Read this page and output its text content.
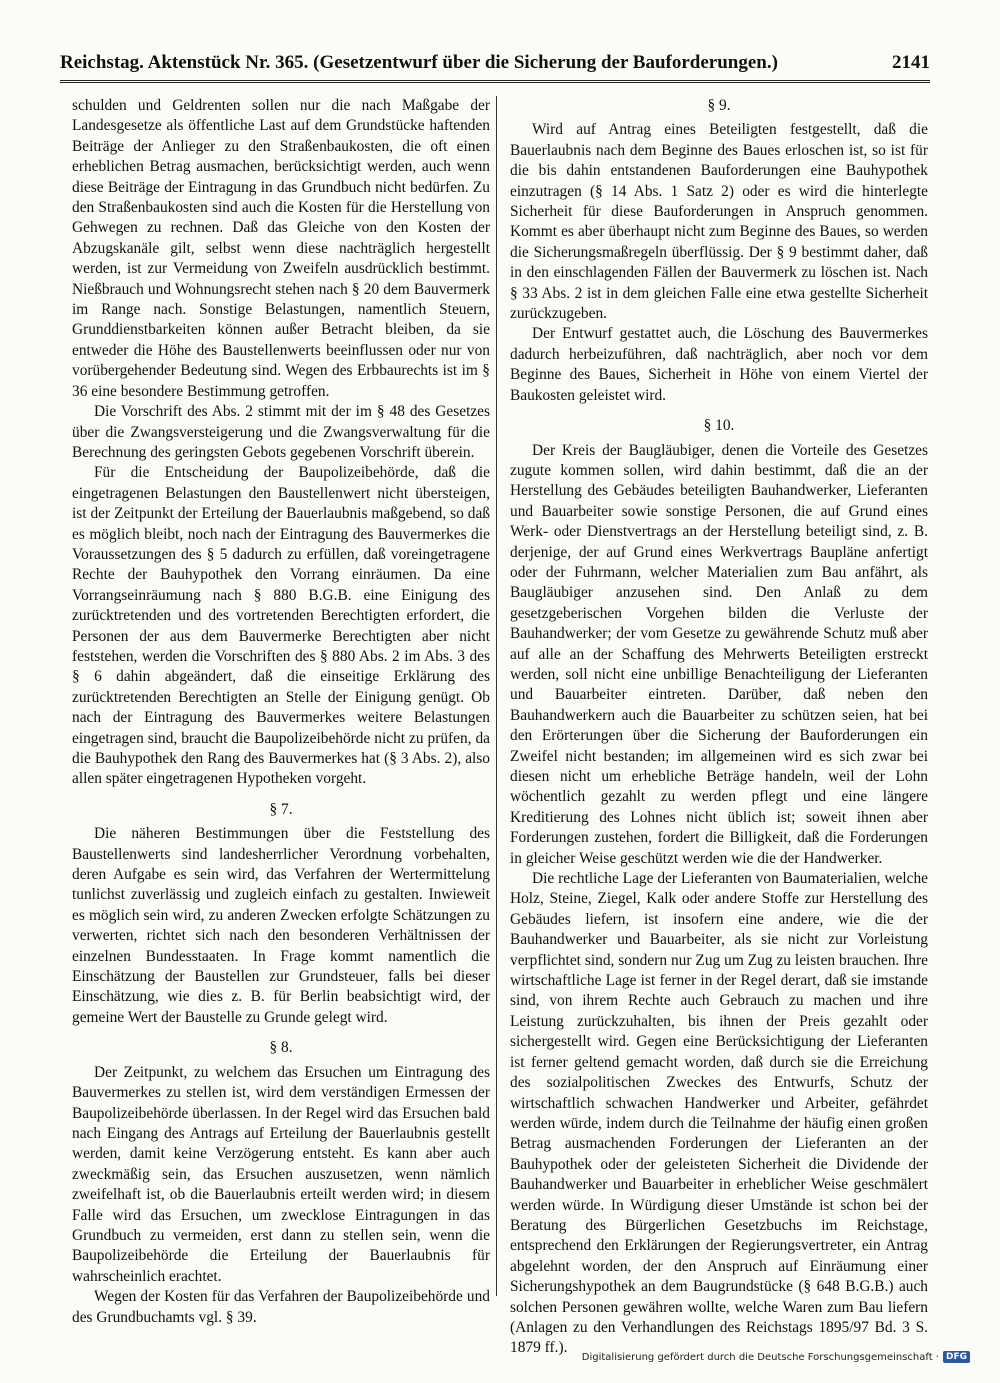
Reichstag. Aktenstück Nr. 365. (Gesetzentwurf über die Sicherung der Bauforderungen.)	2141

schulden und Geldrenten sollen nur die nach Maßgabe der Landesgesetze als öffentliche Last auf dem Grundstücke haftenden Beiträge der Anlieger zu den Straßenbaukosten, die oft einen erheblichen Betrag ausmachen, berücksichtigt werden, auch wenn diese Beiträge der Eintragung in das Grundbuch nicht bedürfen. Zu den Straßenbaukosten sind auch die Kosten für die Herstellung von Gehwegen zu rechnen. Daß das Gleiche von den Kosten der Abzugskanäle gilt, selbst wenn diese nachträglich hergestellt werden, ist zur Vermeidung von Zweifeln ausdrücklich bestimmt. Nießbrauch und Wohnungsrecht stehen nach § 20 dem Bauvermerk im Range nach. Sonstige Belastungen, namentlich Steuern, Grunddienstbarkeiten können außer Betracht bleiben, da sie entweder die Höhe des Baustellenwerts beeinflussen oder nur von vorübergehender Bedeutung sind. Wegen des Erbbaurechts ist im § 36 eine besondere Bestimmung getroffen.

Die Vorschrift des Abs. 2 stimmt mit der im § 48 des Gesetzes über die Zwangsversteigerung und die Zwangsverwaltung für die Berechnung des geringsten Gebots gegebenen Vorschrift überein.

Für die Entscheidung der Baupolizeibehörde, daß die eingetragenen Belastungen den Baustellenwert nicht übersteigen, ist der Zeitpunkt der Erteilung der Bauerlaubnis maßgebend, so daß es möglich bleibt, noch nach der Eintragung des Bauvermerkes die Voraussetzungen des § 5 dadurch zu erfüllen, daß voreingetragene Rechte der Bauhypothek den Vorrang einräumen. Da eine Vorrangseinräumung nach § 880 B.G.B. eine Einigung des zurücktretenden und des vortretenden Berechtigten erfordert, die Personen der aus dem Bauvermerke Berechtigten aber nicht feststehen, werden die Vorschriften des § 880 Abs. 2 im Abs. 3 des § 6 dahin abgeändert, daß die einseitige Erklärung des zurücktretenden Berechtigten an Stelle der Einigung genügt. Ob nach der Eintragung des Bauvermerkes weitere Belastungen eingetragen sind, braucht die Baupolizeibehörde nicht zu prüfen, da die Bauhypothek den Rang des Bauvermerkes hat (§ 3 Abs. 2), also allen später eingetragenen Hypotheken vorgeht.

§ 7.

Die näheren Bestimmungen über die Feststellung des Baustellenwerts sind landesherrlicher Verordnung vorbehalten, deren Aufgabe es sein wird, das Verfahren der Wertermittelung tunlichst zuverlässig und zugleich einfach zu gestalten. Inwieweit es möglich sein wird, zu anderen Zwecken erfolgte Schätzungen zu verwerten, richtet sich nach den besonderen Verhältnissen der einzelnen Bundesstaaten. In Frage kommt namentlich die Einschätzung der Baustellen zur Grundsteuer, falls bei dieser Einschätzung, wie dies z. B. für Berlin beabsichtigt wird, der gemeine Wert der Baustelle zu Grunde gelegt wird.

§ 8.

Der Zeitpunkt, zu welchem das Ersuchen um Eintragung des Bauvermerkes zu stellen ist, wird dem verständigen Ermessen der Baupolizeibehörde überlassen. In der Regel wird das Ersuchen bald nach Eingang des Antrags auf Erteilung der Bauerlaubnis gestellt werden, damit keine Verzögerung entsteht. Es kann aber auch zweckmäßig sein, das Ersuchen auszusetzen, wenn nämlich zweifelhaft ist, ob die Bauerlaubnis erteilt werden wird; in diesem Falle wird das Ersuchen, um zwecklose Eintragungen in das Grundbuch zu vermeiden, erst dann zu stellen sein, wenn die Baupolizeibehörde die Erteilung der Bauerlaubnis für wahrscheinlich erachtet.

Wegen der Kosten für das Verfahren der Baupolizeibehörde und des Grundbuchamts vgl. § 39.

§ 9.

Wird auf Antrag eines Beteiligten festgestellt, daß die Bauerlaubnis nach dem Beginne des Baues erloschen ist, so ist für die bis dahin entstandenen Bauforderungen eine Bauhypothek einzutragen (§ 14 Abs. 1 Satz 2) oder es wird die hinterlegte Sicherheit für diese Bauforderungen in Anspruch genommen. Kommt es aber überhaupt nicht zum Beginne des Baues, so werden die Sicherungsmaßregeln überflüssig. Der § 9 bestimmt daher, daß in den einschlagenden Fällen der Bauvermerk zu löschen ist. Nach § 33 Abs. 2 ist in dem gleichen Falle eine etwa gestellte Sicherheit zurückzugeben.

Der Entwurf gestattet auch, die Löschung des Bauvermerkes dadurch herbeizuführen, daß nachträglich, aber noch vor dem Beginne des Baues, Sicherheit in Höhe von einem Viertel der Baukosten geleistet wird.

§ 10.

Der Kreis der Baugläubiger, denen die Vorteile des Gesetzes zugute kommen sollen, wird dahin bestimmt, daß die an der Herstellung des Gebäudes beteiligten Bauhandwerker, Lieferanten und Bauarbeiter sowie sonstige Personen, die auf Grund eines Werk- oder Dienstvertrags an der Herstellung beteiligt sind, z. B. derjenige, der auf Grund eines Werkvertrags Baupläne anfertigt oder der Fuhrmann, welcher Materialien zum Bau anfährt, als Baugläubiger anzusehen sind. Den Anlaß zu dem gesetzgeberischen Vorgehen bilden die Verluste der Bauhandwerker; der vom Gesetze zu gewährende Schutz muß aber auf alle an der Schaffung des Mehrwerts Beteiligten erstreckt werden, soll nicht eine unbillige Benachteiligung der Lieferanten und Bauarbeiter eintreten. Darüber, daß neben den Bauhandwerkern auch die Bauarbeiter zu schützen seien, hat bei den Erörterungen über die Sicherung der Bauforderungen ein Zweifel nicht bestanden; im allgemeinen wird es sich zwar bei diesen nicht um erhebliche Beträge handeln, weil der Lohn wöchentlich gezahlt zu werden pflegt und eine längere Kreditierung des Lohnes nicht üblich ist; soweit ihnen aber Forderungen zustehen, fordert die Billigkeit, daß die Forderungen in gleicher Weise geschützt werden wie die der Handwerker.

Die rechtliche Lage der Lieferanten von Baumaterialien, welche Holz, Steine, Ziegel, Kalk oder andere Stoffe zur Herstellung des Gebäudes liefern, ist insofern eine andere, wie die der Bauhandwerker und Bauarbeiter, als sie nicht zur Vorleistung verpflichtet sind, sondern nur Zug um Zug zu leisten brauchen. Ihre wirtschaftliche Lage ist ferner in der Regel derart, daß sie imstande sind, von ihrem Rechte auch Gebrauch zu machen und ihre Leistung zurückzuhalten, bis ihnen der Preis gezahlt oder sichergestellt wird. Gegen eine Berücksichtigung der Lieferanten ist ferner geltend gemacht worden, daß durch sie die Erreichung des sozialpolitischen Zweckes des Entwurfs, Schutz der wirtschaftlich schwachen Handwerker und Arbeiter, gefährdet werden würde, indem durch die Teilnahme der häufig einen großen Betrag ausmachenden Forderungen der Lieferanten an der Bauhypothek oder der geleisteten Sicherheit die Dividende der Bauhandwerker und Bauarbeiter in erheblicher Weise geschmälert werden würde. In Würdigung dieser Umstände ist schon bei der Beratung des Bürgerlichen Gesetzbuchs im Reichstage, entsprechend den Erklärungen der Regierungsvertreter, ein Antrag abgelehnt worden, der den Anspruch auf Einräumung einer Sicherungshypothek an dem Baugrundstücke (§ 648 B.G.B.) auch solchen Personen gewähren wollte, welche Waren zum Bau liefern (Anlagen zu den Verhandlungen des Reichstags 1895/97 Bd. 3 S. 1879 ff.).

Digitalisierung gefördert durch die Deutsche Forschungsgemeinschaft · DFG
